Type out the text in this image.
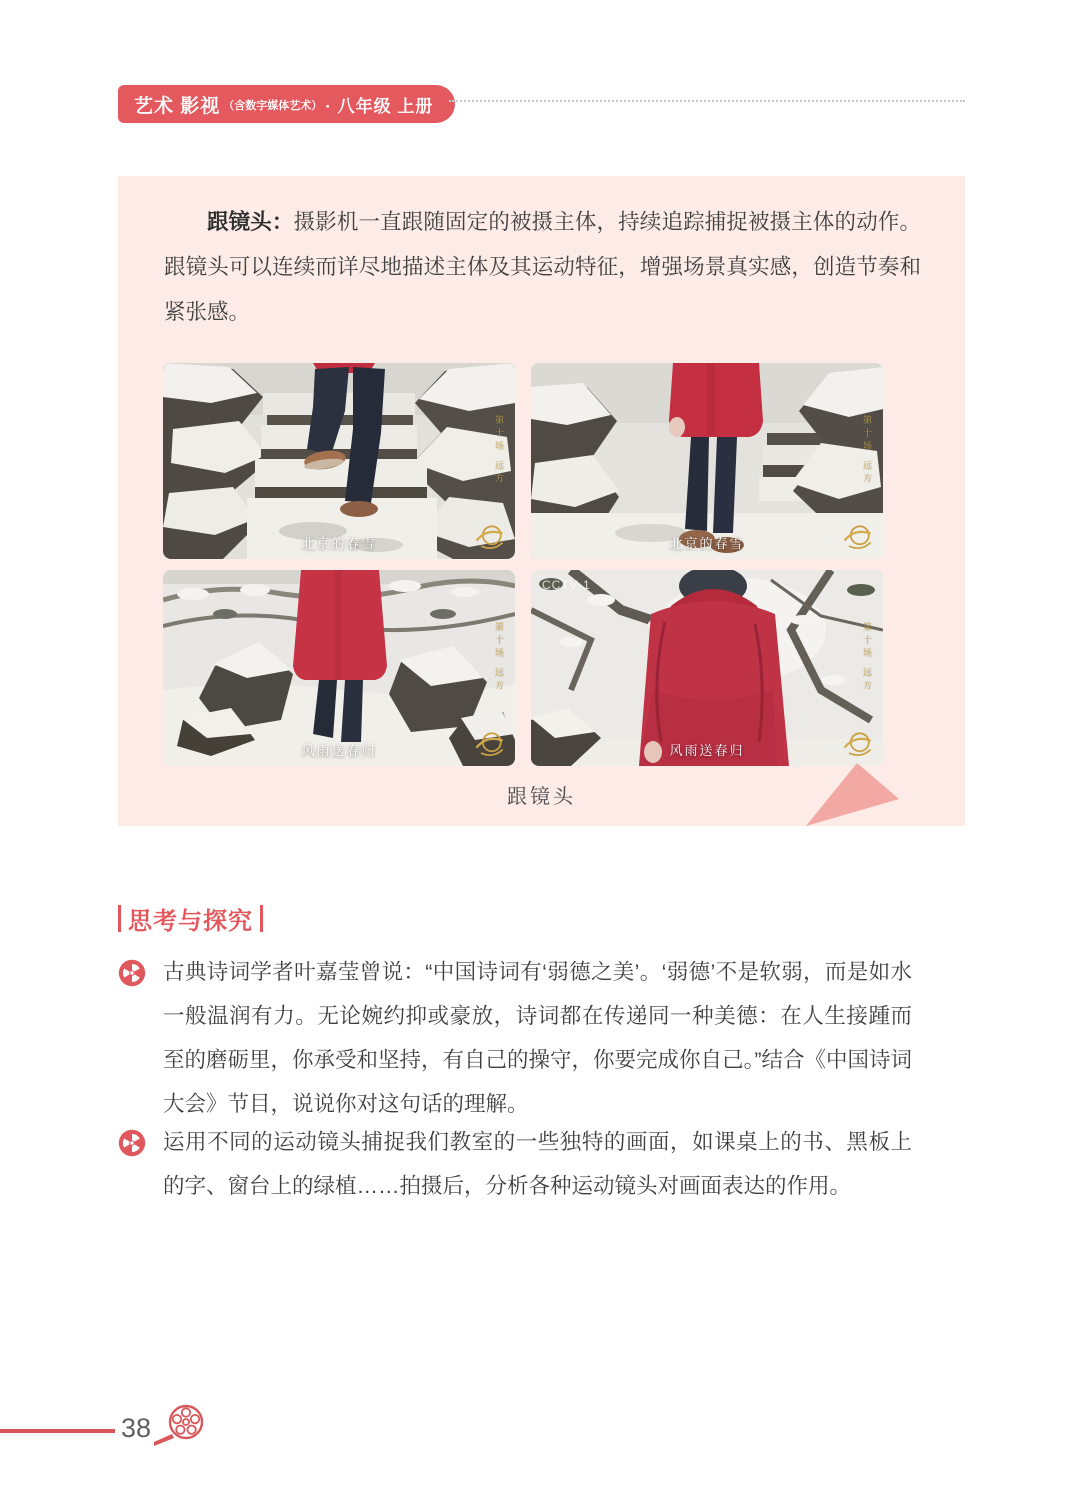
艺术 影视 （含数字媒体艺术） · 八年级 上册

跟镜头：摄影机一直跟随固定的被摄主体，持续追踪捕捉被摄主体的动作。跟镜头可以连续而详尽地描述主体及其运动特征，增强场景真实感，创造节奏和紧张感。

第十场 远方
北京的春雪
第十场 远方
北京的春雪
第十场 远方
风雨送春归
CCTV-1
第十场 远方
风雨送春归
跟镜头
思考与探究
古典诗词学者叶嘉莹曾说：“中国诗词有‘弱德之美’。‘弱德’不是软弱，而是如水一般温润有力。无论婉约抑或豪放，诗词都在传递同一种美德：在人生接踵而至的磨砺里，你承受和坚持，有自己的操守，你要完成你自己。”结合《中国诗词大会》节目，说说你对这句话的理解。
运用不同的运动镜头捕捉我们教室的一些独特的画面，如课桌上的书、黑板上的字、窗台上的绿植……拍摄后，分析各种运动镜头对画面表达的作用。
38
